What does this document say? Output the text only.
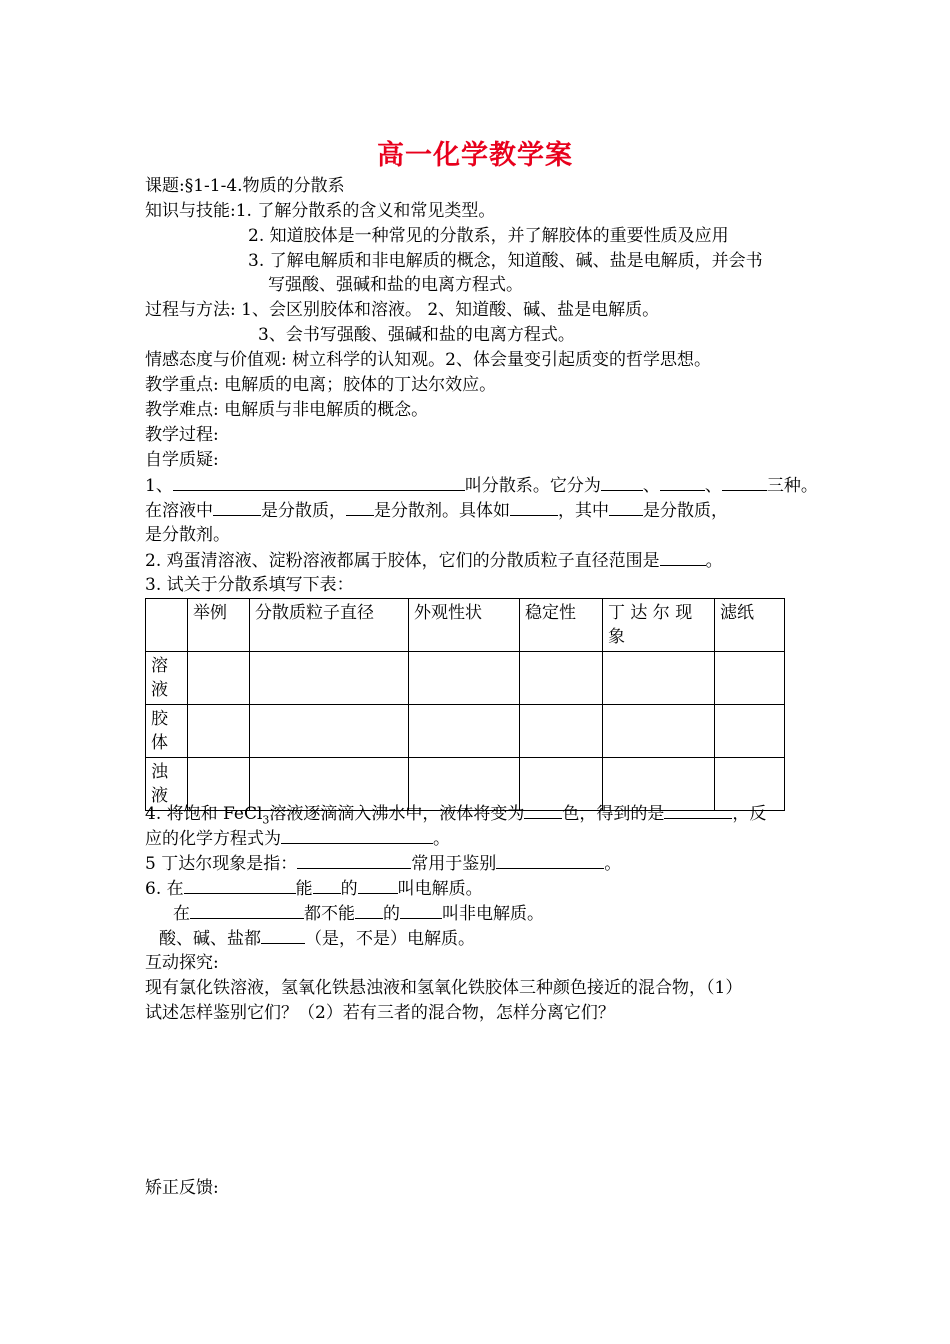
高一化学教学案
课题:§1-1-4.物质的分散系
知识与技能:1. 了解分散系的含义和常见类型。
2. 知道胶体是一种常见的分散系，并了解胶体的重要性质及应用
3. 了解电解质和非电解质的概念，知道酸、碱、盐是电解质，并会书
写强酸、强碱和盐的电离方程式。
过程与方法: 1、会区别胶体和溶液。 2、知道酸、碱、盐是电解质。
3、会书写强酸、强碱和盐的电离方程式。
情感态度与价值观: 树立科学的认知观。2、体会量变引起质变的哲学思想。
教学重点: 电解质的电离；胶体的丁达尔效应。
教学难点: 电解质与非电解质的概念。
教学过程:
自学质疑:
1、	叫分散系。它分为 、	、	三种。
在溶液中	是分散质， 是分散剂。具体如	，其中 是分散质，
是分散剂。
2. 鸡蛋清溶液、淀粉溶液都属于胶体，它们的分散质粒子直径范围是	。
3. 试关于分散系填写下表：
	举例	分散质粒子直径	外观性状	稳定性	丁 达 尔 现 象	滤纸
溶 液						
胶 体						
浊 液						
4. 将饱和 FeCl$_3$溶液逐滴滴入沸水中，液体将变为 色，得到的是	，反
应的化学方程式为	。
5 丁达尔现象是指：	常用于鉴别	。
6. 在	能 的 叫电解质。
在	都不能 的 叫非电解质。
酸、碱、盐都	（是，不是）电解质。
互动探究:
现有氯化铁溶液，氢氧化铁悬浊液和氢氧化铁胶体三种颜色接近的混合物，（1）
试述怎样鉴别它们？（2）若有三者的混合物，怎样分离它们？
矫正反馈:
